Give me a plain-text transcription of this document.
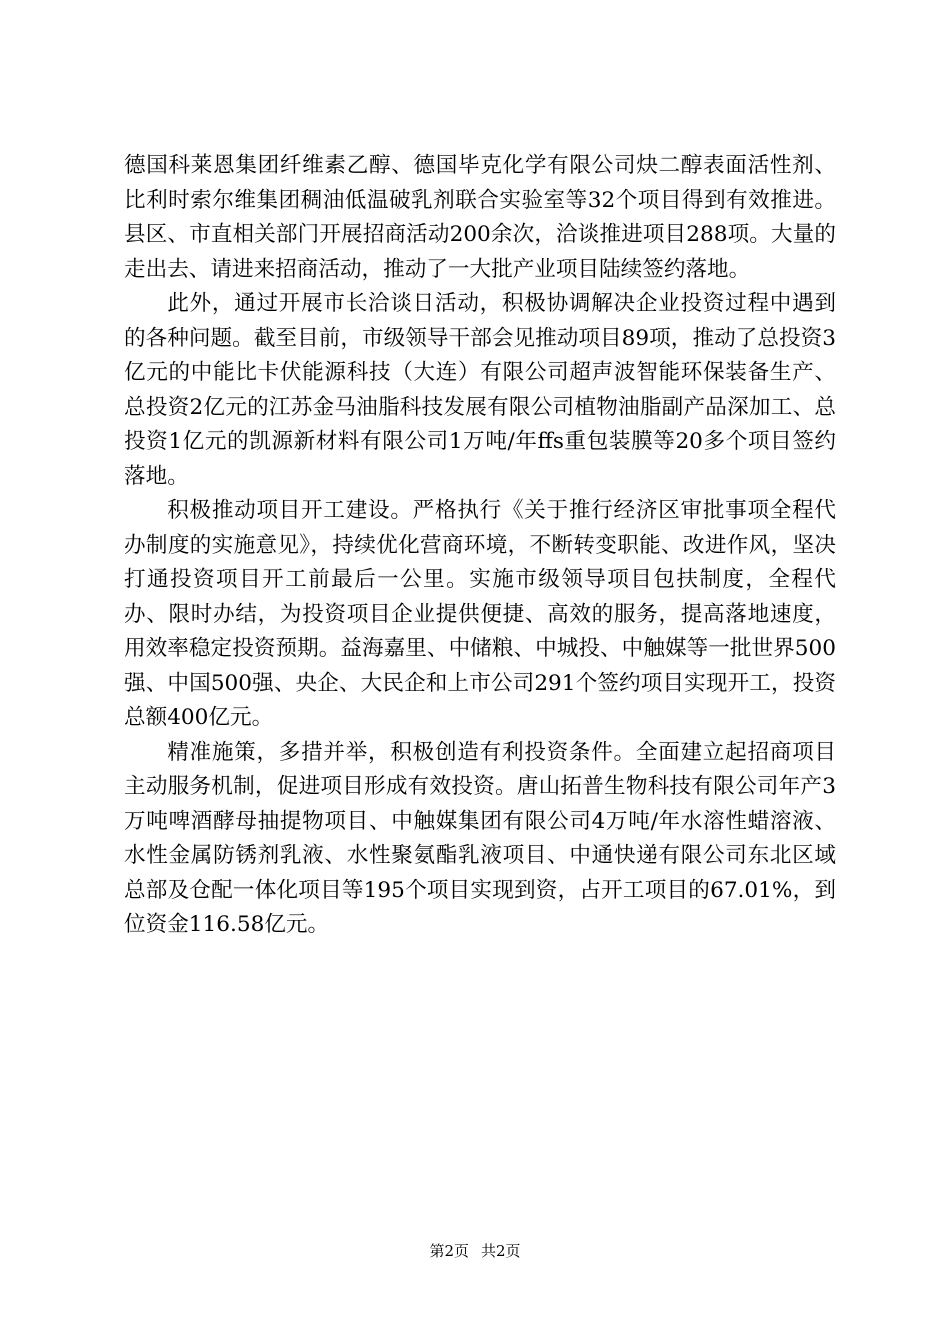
德国科莱恩集团纤维素乙醇、德国毕克化学有限公司炔二醇表面活性剂、比利时索尔维集团稠油低温破乳剂联合实验室等32个项目得到有效推进。县区、市直相关部门开展招商活动200余次，洽谈推进项目288项。大量的走出去、请进来招商活动，推动了一大批产业项目陆续签约落地。

此外，通过开展市长洽谈日活动，积极协调解决企业投资过程中遇到的各种问题。截至目前，市级领导干部会见推动项目89项，推动了总投资3亿元的中能比卡伏能源科技（大连）有限公司超声波智能环保装备生产、总投资2亿元的江苏金马油脂科技发展有限公司植物油脂副产品深加工、总投资1亿元的凯源新材料有限公司1万吨/年ffs重包装膜等20多个项目签约落地。

积极推动项目开工建设。严格执行《关于推行经济区审批事项全程代办制度的实施意见》，持续优化营商环境，不断转变职能、改进作风，坚决打通投资项目开工前最后一公里。实施市级领导项目包扶制度，全程代办、限时办结，为投资项目企业提供便捷、高效的服务，提高落地速度，用效率稳定投资预期。益海嘉里、中储粮、中城投、中触媒等一批世界500强、中国500强、央企、大民企和上市公司291个签约项目实现开工，投资总额400亿元。

精准施策，多措并举，积极创造有利投资条件。全面建立起招商项目主动服务机制，促进项目形成有效投资。唐山拓普生物科技有限公司年产3万吨啤酒酵母抽提物项目、中触媒集团有限公司4万吨/年水溶性蜡溶液、水性金属防锈剂乳液、水性聚氨酯乳液项目、中通快递有限公司东北区域总部及仓配一体化项目等195个项目实现到资，占开工项目的67.01%，到位资金116.58亿元。

第2页 共2页
